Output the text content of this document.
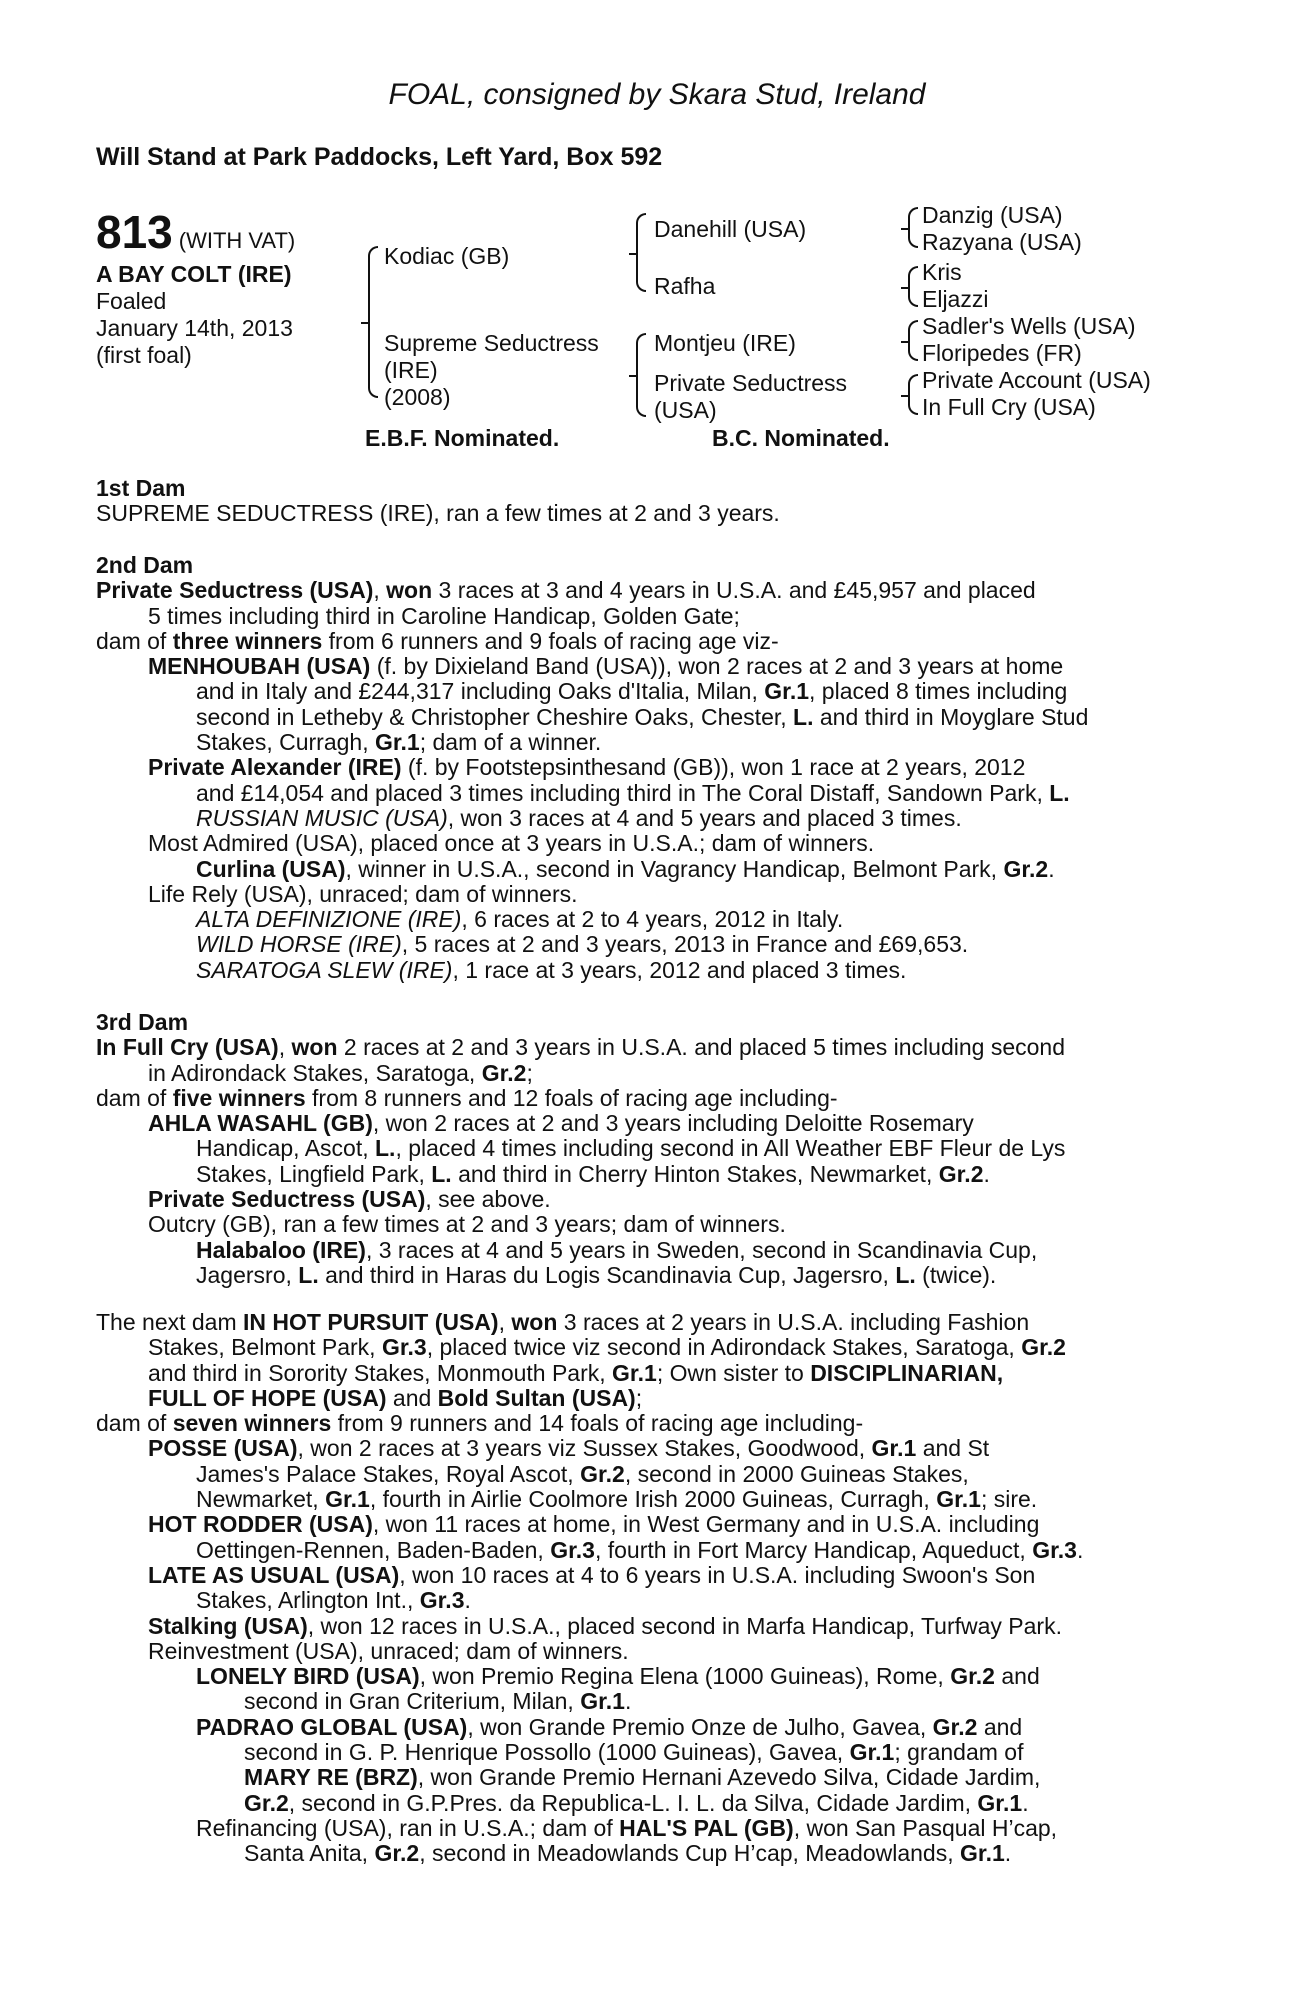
FOAL, consigned by Skara Stud, Ireland
Will Stand at Park Paddocks, Left Yard, Box 592
813 (WITH VAT)
A BAY COLT (IRE)
Foaled
January 14th, 2013
(first foal)
Kodiac (GB)
Supreme Seductress
(IRE)
(2008)
Danehill (USA)
Rafha
Montjeu (IRE)
Private Seductress
(USA)
Danzig (USA)
Razyana (USA)
Kris
Eljazzi
Sadler's Wells (USA)
Floripedes (FR)
Private Account (USA)
In Full Cry (USA)
E.B.F. Nominated.	B.C. Nominated.
1st Dam
SUPREME SEDUCTRESS (IRE), ran a few times at 2 and 3 years.
2nd Dam
Private Seductress (USA), won 3 races at 3 and 4 years in U.S.A. and £45,957 and placed
5 times including third in Caroline Handicap, Golden Gate;
dam of three winners from 6 runners and 9 foals of racing age viz-
MENHOUBAH (USA) (f. by Dixieland Band (USA)), won 2 races at 2 and 3 years at home
and in Italy and £244,317 including Oaks d'Italia, Milan, Gr.1, placed 8 times including
second in Letheby & Christopher Cheshire Oaks, Chester, L. and third in Moyglare Stud
Stakes, Curragh, Gr.1; dam of a winner.
Private Alexander (IRE) (f. by Footstepsinthesand (GB)), won 1 race at 2 years, 2012
and £14,054 and placed 3 times including third in The Coral Distaff, Sandown Park, L.
RUSSIAN MUSIC (USA), won 3 races at 4 and 5 years and placed 3 times.
Most Admired (USA), placed once at 3 years in U.S.A.; dam of winners.
Curlina (USA), winner in U.S.A., second in Vagrancy Handicap, Belmont Park, Gr.2.
Life Rely (USA), unraced; dam of winners.
ALTA DEFINIZIONE (IRE), 6 races at 2 to 4 years, 2012 in Italy.
WILD HORSE (IRE), 5 races at 2 and 3 years, 2013 in France and £69,653.
SARATOGA SLEW (IRE), 1 race at 3 years, 2012 and placed 3 times.
3rd Dam
In Full Cry (USA), won 2 races at 2 and 3 years in U.S.A. and placed 5 times including second
in Adirondack Stakes, Saratoga, Gr.2;
dam of five winners from 8 runners and 12 foals of racing age including-
AHLA WASAHL (GB), won 2 races at 2 and 3 years including Deloitte Rosemary
Handicap, Ascot, L., placed 4 times including second in All Weather EBF Fleur de Lys
Stakes, Lingfield Park, L. and third in Cherry Hinton Stakes, Newmarket, Gr.2.
Private Seductress (USA), see above.
Outcry (GB), ran a few times at 2 and 3 years; dam of winners.
Halabaloo (IRE), 3 races at 4 and 5 years in Sweden, second in Scandinavia Cup,
Jagersro, L. and third in Haras du Logis Scandinavia Cup, Jagersro, L. (twice).
The next dam IN HOT PURSUIT (USA), won 3 races at 2 years in U.S.A. including Fashion
Stakes, Belmont Park, Gr.3, placed twice viz second in Adirondack Stakes, Saratoga, Gr.2
and third in Sorority Stakes, Monmouth Park, Gr.1; Own sister to DISCIPLINARIAN,
FULL OF HOPE (USA) and Bold Sultan (USA);
dam of seven winners from 9 runners and 14 foals of racing age including-
POSSE (USA), won 2 races at 3 years viz Sussex Stakes, Goodwood, Gr.1 and St
James's Palace Stakes, Royal Ascot, Gr.2, second in 2000 Guineas Stakes,
Newmarket, Gr.1, fourth in Airlie Coolmore Irish 2000 Guineas, Curragh, Gr.1; sire.
HOT RODDER (USA), won 11 races at home, in West Germany and in U.S.A. including
Oettingen-Rennen, Baden-Baden, Gr.3, fourth in Fort Marcy Handicap, Aqueduct, Gr.3.
LATE AS USUAL (USA), won 10 races at 4 to 6 years in U.S.A. including Swoon's Son
Stakes, Arlington Int., Gr.3.
Stalking (USA), won 12 races in U.S.A., placed second in Marfa Handicap, Turfway Park.
Reinvestment (USA), unraced; dam of winners.
LONELY BIRD (USA), won Premio Regina Elena (1000 Guineas), Rome, Gr.2 and
second in Gran Criterium, Milan, Gr.1.
PADRAO GLOBAL (USA), won Grande Premio Onze de Julho, Gavea, Gr.2 and
second in G. P. Henrique Possollo (1000 Guineas), Gavea, Gr.1; grandam of
MARY RE (BRZ), won Grande Premio Hernani Azevedo Silva, Cidade Jardim,
Gr.2, second in G.P.Pres. da Republica-L. I. L. da Silva, Cidade Jardim, Gr.1.
Refinancing (USA), ran in U.S.A.; dam of HAL'S PAL (GB), won San Pasqual H’cap,
Santa Anita, Gr.2, second in Meadowlands Cup H’cap, Meadowlands, Gr.1.
